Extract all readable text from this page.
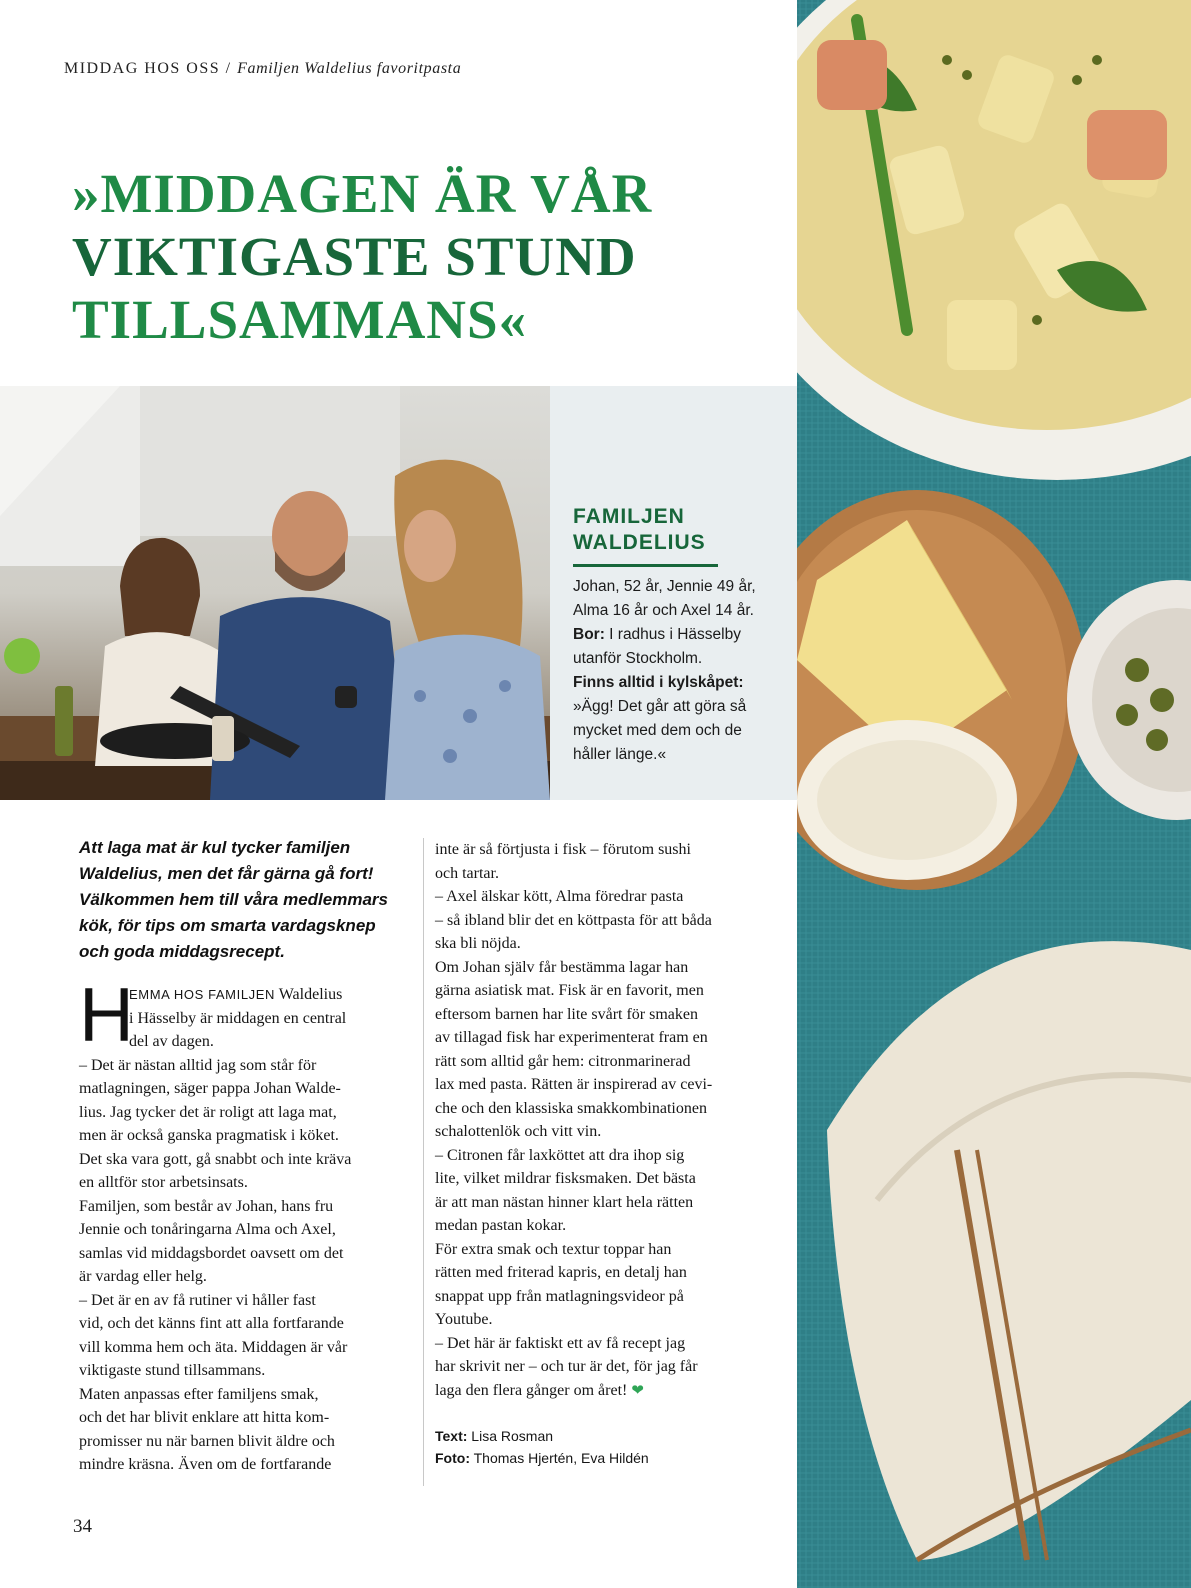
MIDDAG HOS OSS / Familjen Waldelius favoritpasta
»MIDDAGEN ÄR VÅR
VIKTIGASTE STUND
TILLSAMMANS«
FAMILJEN
WALDELIUS

Johan, 52 år, Jennie 49 år,

Alma 16 år och Axel 14 år.

Bor: I radhus i Hässelby

utanför Stockholm.

Finns alltid i kylskåpet:

»Ägg! Det går att göra så

mycket med dem och de

håller länge.«

Att laga mat är kul tycker familjen
Waldelius, men det får gärna gå fort!
Välkommen hem till våra medlemmars
kök, för tips om smarta vardagsknep
och goda middagsrecept.
H
EMMA HOS FAMILJEN Waldelius
i Hässelby är middagen en central
del av dagen.
– Det är nästan alltid jag som står för
matlagningen, säger pappa Johan Walde-
lius. Jag tycker det är roligt att laga mat,
men är också ganska pragmatisk i köket.
Det ska vara gott, gå snabbt och inte kräva
en alltför stor arbetsinsats.
Familjen, som består av Johan, hans fru
Jennie och tonåringarna Alma och Axel,
samlas vid middagsbordet oavsett om det
är vardag eller helg.
– Det är en av få rutiner vi håller fast
vid, och det känns fint att alla fortfarande
vill komma hem och äta. Middagen är vår
viktigaste stund tillsammans.
Maten anpassas efter familjens smak,
och det har blivit enklare att hitta kom-
promisser nu när barnen blivit äldre och
mindre kräsna. Även om de fortfarande
inte är så förtjusta i fisk – förutom sushi
och tartar.
– Axel älskar kött, Alma föredrar pasta
– så ibland blir det en köttpasta för att båda
ska bli nöjda.
Om Johan själv får bestämma lagar han
gärna asiatisk mat. Fisk är en favorit, men
eftersom barnen har lite svårt för smaken
av tillagad fisk har experimenterat fram en
rätt som alltid går hem: citronmarinerad
lax med pasta. Rätten är inspirerad av cevi-
che och den klassiska smakkombinationen
schalottenlök och vitt vin.
– Citronen får laxköttet att dra ihop sig
lite, vilket mildrar fisksmaken. Det bästa
är att man nästan hinner klart hela rätten
medan pastan kokar.
För extra smak och textur toppar han
rätten med friterad kapris, en detalj han
snappat upp från matlagningsvideor på
Youtube.
– Det här är faktiskt ett av få recept jag
har skrivit ner – och tur är det, för jag får
laga den flera gånger om året! ❤
Text: Lisa Rosman
Foto: Thomas Hjertén, Eva Hildén
34
